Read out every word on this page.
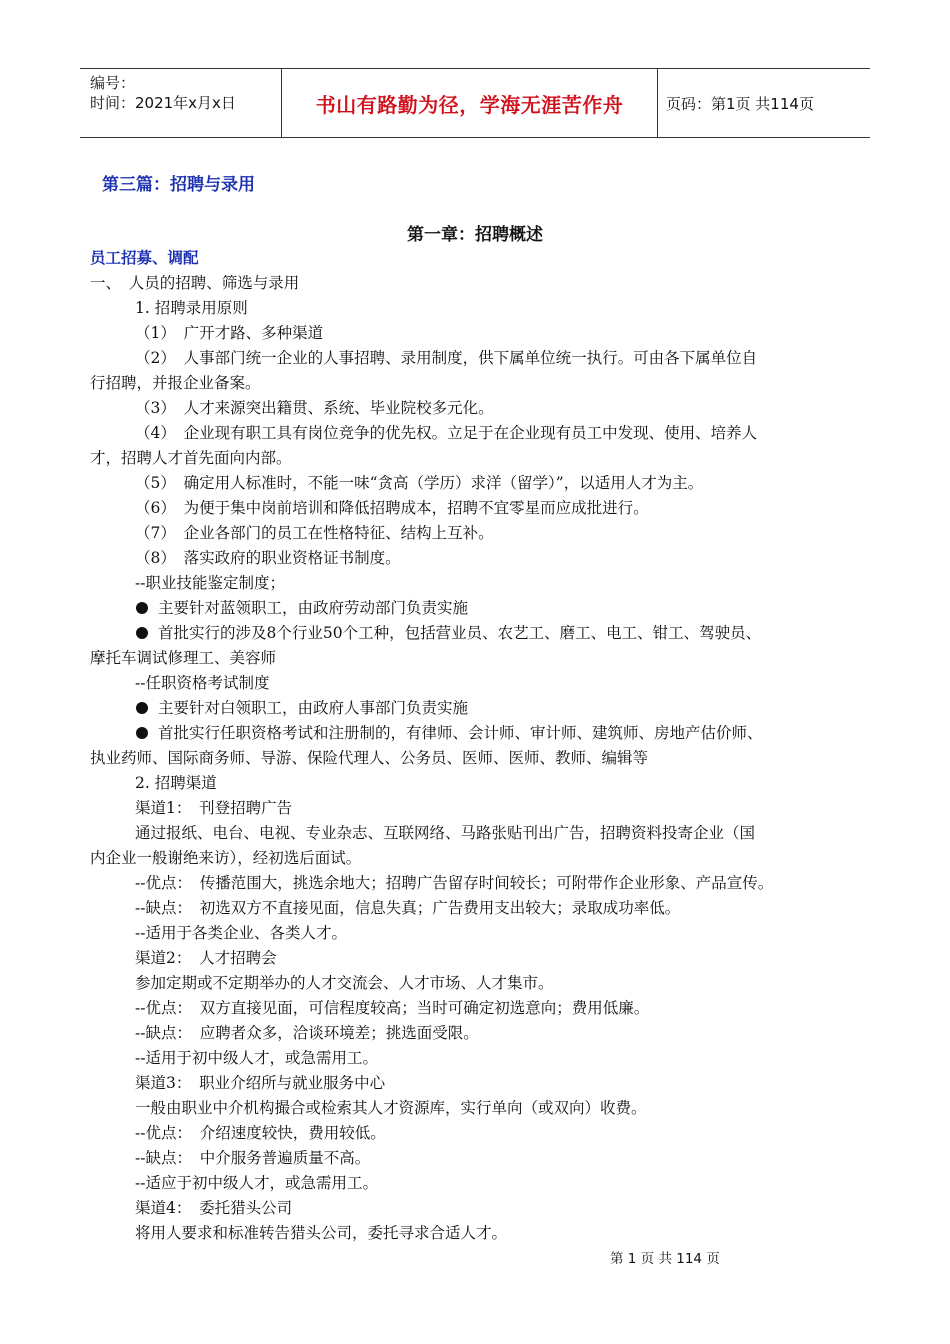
编号：
时间：2021年x月x日	书山有路勤为径，学海无涯苦作舟	页码：第1页 共114页
第三篇：招聘与录用
第一章：招聘概述
员工招募、调配
一、　人员的招聘、筛选与录用
1. 招聘录用原则
（1）　广开才路、多种渠道
（2）　人事部门统一企业的人事招聘、录用制度，供下属单位统一执行。可由各下属单位自
行招聘，并报企业备案。
（3）　人才来源突出籍贯、系统、毕业院校多元化。
（4）　企业现有职工具有岗位竞争的优先权。立足于在企业现有员工中发现、使用、培养人
才，招聘人才首先面向内部。
（5）　确定用人标准时，不能一味“贪高（学历）求洋（留学）”，以适用人才为主。
（6）　为便于集中岗前培训和降低招聘成本，招聘不宜零星而应成批进行。
（7）　企业各部门的员工在性格特征、结构上互补。
（8）　落实政府的职业资格证书制度。
--职业技能鉴定制度；
主要针对蓝领职工，由政府劳动部门负责实施
首批实行的涉及8个行业50个工种，包括营业员、农艺工、磨工、电工、钳工、驾驶员、
摩托车调试修理工、美容师
--任职资格考试制度
主要针对白领职工，由政府人事部门负责实施
首批实行任职资格考试和注册制的，有律师、会计师、审计师、建筑师、房地产估价师、
执业药师、国际商务师、导游、保险代理人、公务员、医师、医师、教师、编辑等
2. 招聘渠道
渠道1：　刊登招聘广告
通过报纸、电台、电视、专业杂志、互联网络、马路张贴刊出广告，招聘资料投寄企业（国
内企业一般谢绝来访），经初选后面试。
--优点：　传播范围大，挑选余地大；招聘广告留存时间较长；可附带作企业形象、产品宣传。
--缺点：　初选双方不直接见面，信息失真；广告费用支出较大；录取成功率低。
--适用于各类企业、各类人才。
渠道2：　人才招聘会
参加定期或不定期举办的人才交流会、人才市场、人才集市。
--优点：　双方直接见面，可信程度较高；当时可确定初选意向；费用低廉。
--缺点：　应聘者众多，洽谈环境差；挑选面受限。
--适用于初中级人才，或急需用工。
渠道3：　职业介绍所与就业服务中心
一般由职业中介机构撮合或检索其人才资源库，实行单向（或双向）收费。
--优点：　介绍速度较快，费用较低。
--缺点：　中介服务普遍质量不高。
--适应于初中级人才，或急需用工。
渠道4：　委托猎头公司
将用人要求和标准转告猎头公司，委托寻求合适人才。
第 1 页 共 114 页
